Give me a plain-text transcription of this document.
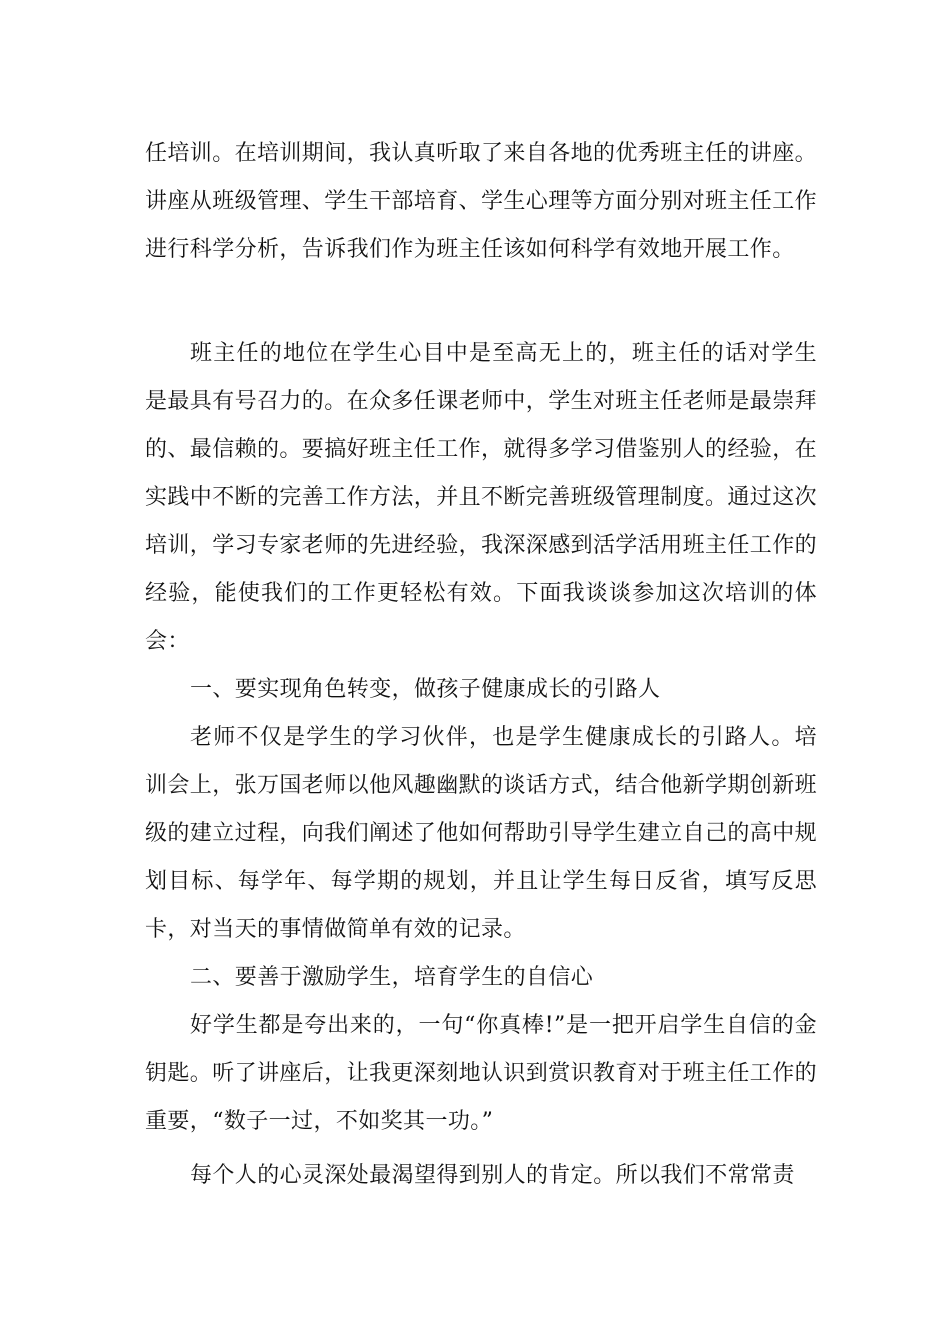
任培训。在培训期间，我认真听取了来自各地的优秀班主任的讲座。讲座从班级管理、学生干部培育、学生心理等方面分别对班主任工作进行科学分析，告诉我们作为班主任该如何科学有效地开展工作。

班主任的地位在学生心目中是至高无上的，班主任的话对学生是最具有号召力的。在众多任课老师中，学生对班主任老师是最崇拜的、最信赖的。要搞好班主任工作，就得多学习借鉴别人的经验，在实践中不断的完善工作方法，并且不断完善班级管理制度。通过这次培训，学习专家老师的先进经验，我深深感到活学活用班主任工作的经验，能使我们的工作更轻松有效。下面我谈谈参加这次培训的体会：

一、要实现角色转变，做孩子健康成长的引路人

老师不仅是学生的学习伙伴，也是学生健康成长的引路人。培训会上，张万国老师以他风趣幽默的谈话方式，结合他新学期创新班级的建立过程，向我们阐述了他如何帮助引导学生建立自己的高中规划目标、每学年、每学期的规划，并且让学生每日反省，填写反思卡，对当天的事情做简单有效的记录。

二、要善于激励学生，培育学生的自信心

好学生都是夸出来的，一句“你真棒!”是一把开启学生自信的金钥匙。听了讲座后，让我更深刻地认识到赏识教育对于班主任工作的重要，“数子一过，不如奖其一功。”

每个人的心灵深处最渴望得到别人的肯定。所以我们不常常责
